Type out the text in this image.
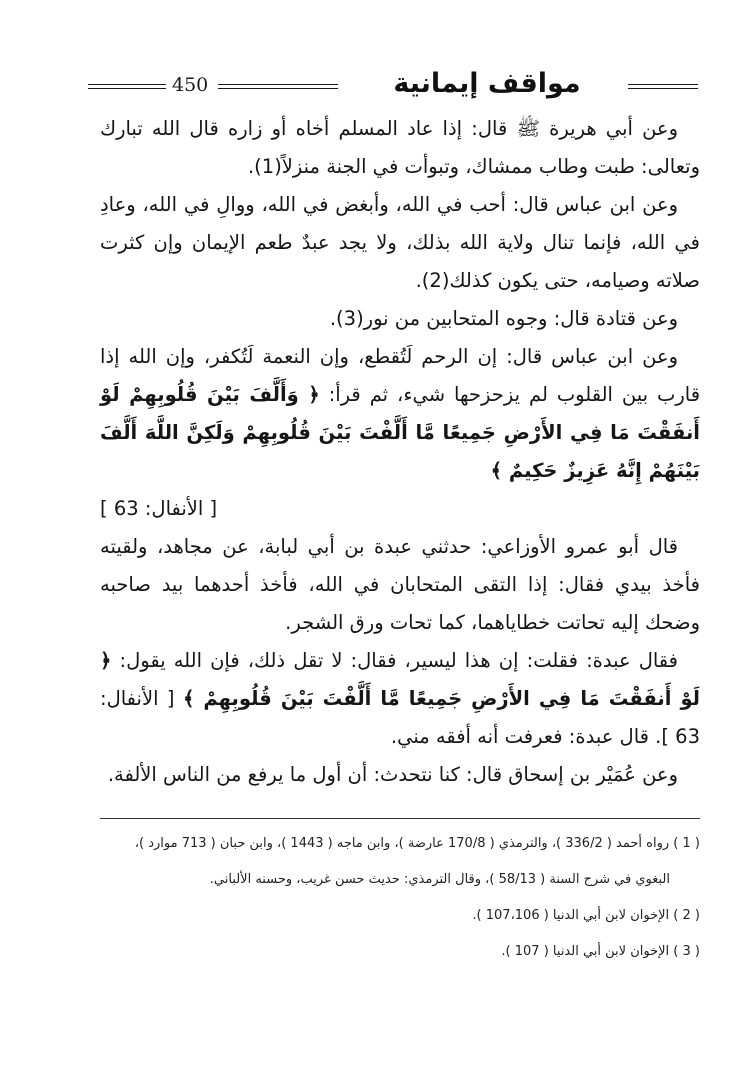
450	مواقف إيمانية

وعن أبي هريرة ﷺ قال: إذا عاد المسلم أخاه أو زاره قال الله تبارك وتعالى: طبت وطاب ممشاك، وتبوأت في الجنة منزلاً(1).

وعن ابن عباس قال: أحب في الله، وأبغض في الله، ووالِ في الله، وعادِ في الله، فإنما تنال ولاية الله بذلك، ولا يجد عبدٌ طعم الإيمان وإن كثرت صلاته وصيامه، حتى يكون كذلك(2).

وعن قتادة قال: وجوه المتحابين من نور(3).

وعن ابن عباس قال: إن الرحم لَتُقطع، وإن النعمة لَتُكفر، وإن الله إذا قارب بين القلوب لم يزحزحها شيء، ثم قرأ: ﴿ وَأَلَّفَ بَيْنَ قُلُوبِهِمْ لَوْ أَنفَقْتَ مَا فِي الأَرْضِ جَمِيعًا مَّا أَلَّفْتَ بَيْنَ قُلُوبِهِمْ وَلَكِنَّ اللَّهَ أَلَّفَ بَيْنَهُمْ إِنَّهُ عَزِيزٌ حَكِيمٌ ﴾

[ الأنفال: 63 ]

قال أبو عمرو الأوزاعي: حدثني عبدة بن أبي لبابة، عن مجاهد، ولقيته فأخذ بيدي فقال: إذا التقى المتحابان في الله، فأخذ أحدهما بيد صاحبه وضحك إليه تحاتت خطاياهما، كما تحات ورق الشجر.

فقال عبدة: فقلت: إن هذا ليسير، فقال: لا تقل ذلك، فإن الله يقول: ﴿ لَوْ أَنفَقْتَ مَا فِي الأَرْضِ جَمِيعًا مَّا أَلَّفْتَ بَيْنَ قُلُوبِهِمْ ﴾ [ الأنفال: 63 ]. قال عبدة: فعرفت أنه أفقه مني.

وعن عُمَيْر بن إسحاق قال: كنا نتحدث: أن أول ما يرفع من الناس الألفة.

( 1 ) رواه أحمد ( 336/2 )، والترمذي ( 170/8 عارضة )، وابن ماجه ( 1443 )، وابن حبان ( 713 موارد )،

البغوي في شرح السنة ( 58/13 )، وقال الترمذي: حديث حسن غريب، وحسنه الألباني.

( 2 ) الإخوان لابن أبي الدنيا ( 107،106 ).

( 3 ) الإخوان لابن أبي الدنيا ( 107 ).
